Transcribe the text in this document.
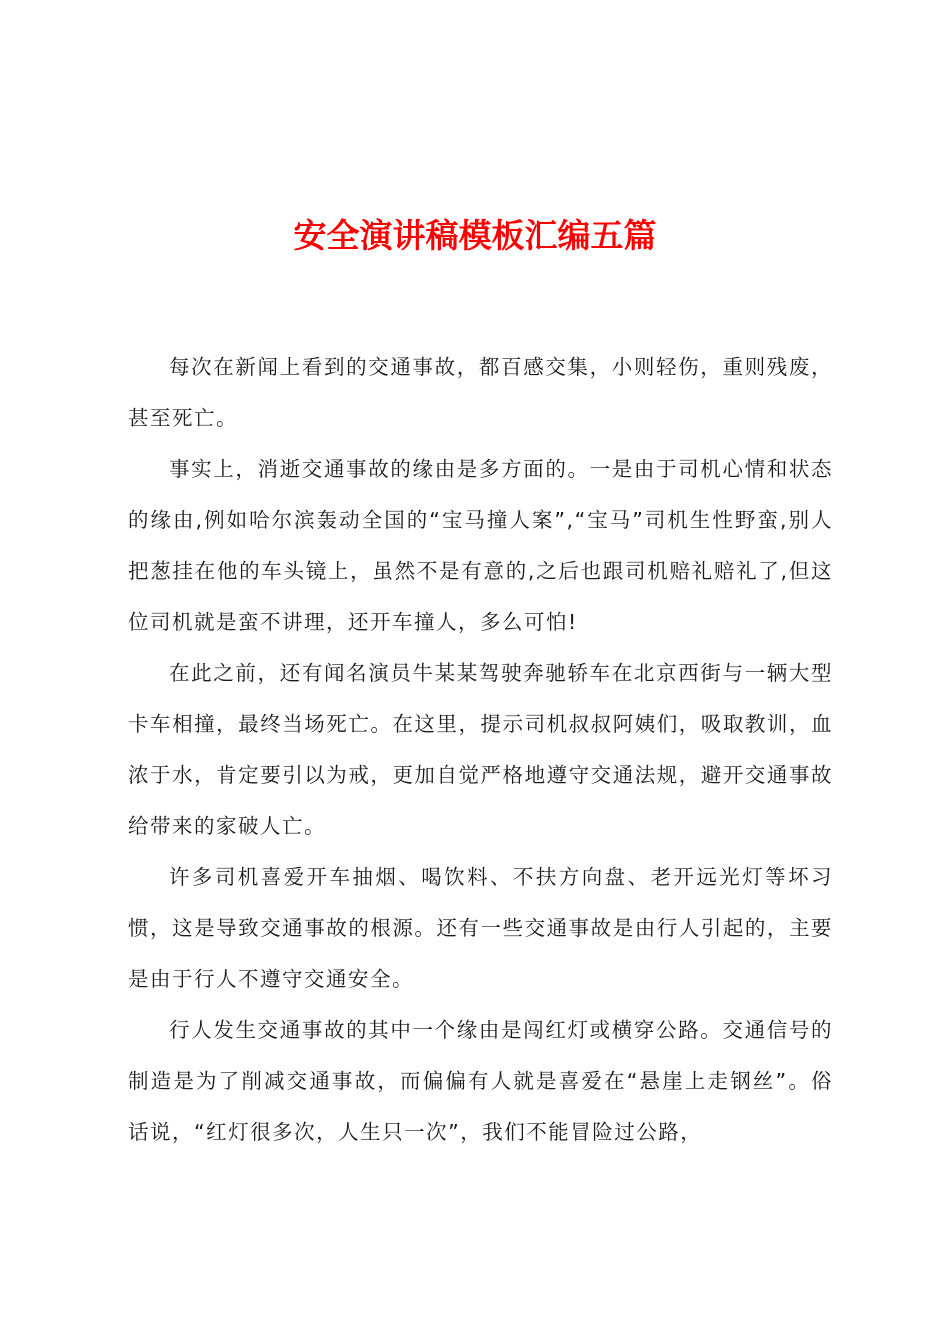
安全演讲稿模板汇编五篇

每次在新闻上看到的交通事故，都百感交集，小则轻伤，重则残废，甚至死亡。

事实上，消逝交通事故的缘由是多方面的。一是由于司机心情和状态的缘由,例如哈尔滨轰动全国的“宝马撞人案”,“宝马”司机生性野蛮,别人把葱挂在他的车头镜上，虽然不是有意的,之后也跟司机赔礼赔礼了,但这位司机就是蛮不讲理，还开车撞人，多么可怕!

在此之前，还有闻名演员牛某某驾驶奔驰轿车在北京西街与一辆大型卡车相撞，最终当场死亡。在这里，提示司机叔叔阿姨们，吸取教训，血浓于水，肯定要引以为戒，更加自觉严格地遵守交通法规，避开交通事故给带来的家破人亡。

许多司机喜爱开车抽烟、喝饮料、不扶方向盘、老开远光灯等坏习惯，这是导致交通事故的根源。还有一些交通事故是由行人引起的，主要是由于行人不遵守交通安全。

行人发生交通事故的其中一个缘由是闯红灯或横穿公路。交通信号的制造是为了削减交通事故，而偏偏有人就是喜爱在“悬崖上走钢丝”。俗话说，“红灯很多次，人生只一次”，我们不能冒险过公路，
